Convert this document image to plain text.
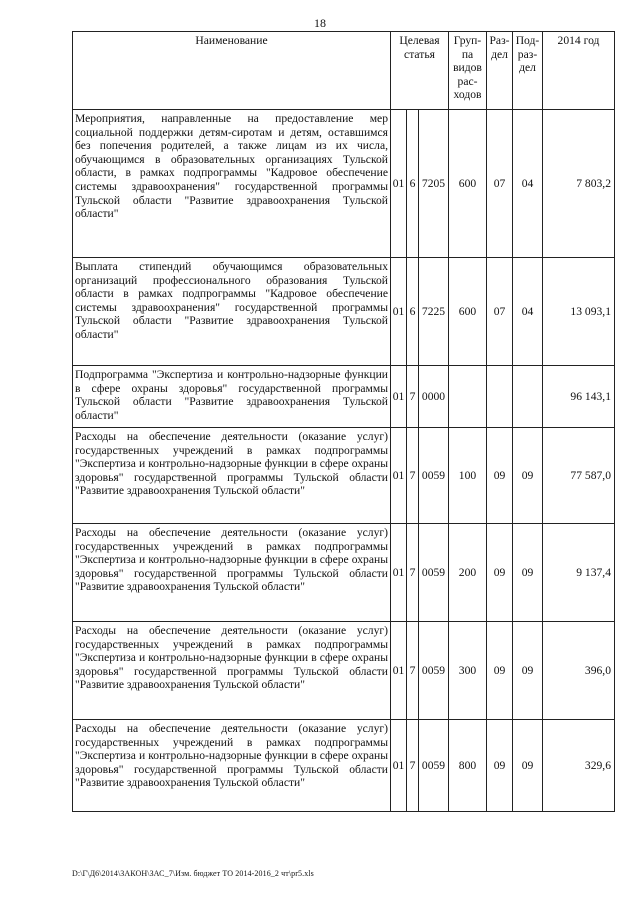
18
Наименование	Целевая статья			Груп-па видов рас-ходов	Раз-дел	Под-раз-дел	2014 год

Мероприятия, направленные на предоставление мер социальной поддержки детям-сиротам и детям, оставшимся без попечения родителей, а также лицам из их числа, обучающимся в образовательных организациях Тульской области, в рамках подпрограммы "Кадровое обеспечение системы здравоохранения" государственной программы Тульской области "Развитие здравоохранения Тульской области"	01	6	7205	600	07	04	7 803,2
Выплата стипендий обучающимся образовательных организаций профессионального образования Тульской области в рамках подпрограммы "Кадровое обеспечение системы здравоохранения" государственной программы Тульской области "Развитие здравоохранения Тульской области"	01	6	7225	600	07	04	13 093,1
Подпрограмма "Экспертиза и контрольно-надзорные функции в сфере охраны здоровья" государственной программы Тульской области "Развитие здравоохранения Тульской области"	01	7	0000				96 143,1
Расходы на обеспечение деятельности (оказание услуг) государственных учреждений в рамках подпрограммы "Экспертиза и контрольно-надзорные функции в сфере охраны здоровья" государственной программы Тульской области "Развитие здравоохранения Тульской области"	01	7	0059	100	09	09	77 587,0
Расходы на обеспечение деятельности (оказание услуг) государственных учреждений в рамках подпрограммы "Экспертиза и контрольно-надзорные функции в сфере охраны здоровья" государственной программы Тульской области "Развитие здравоохранения Тульской области"	01	7	0059	200	09	09	9 137,4
Расходы на обеспечение деятельности (оказание услуг) государственных учреждений в рамках подпрограммы "Экспертиза и контрольно-надзорные функции в сфере охраны здоровья" государственной программы Тульской области "Развитие здравоохранения Тульской области"	01	7	0059	300	09	09	396,0
Расходы на обеспечение деятельности (оказание услуг) государственных учреждений в рамках подпрограммы "Экспертиза и контрольно-надзорные функции в сфере охраны здоровья" государственной программы Тульской области "Развитие здравоохранения Тульской области"	01	7	0059	800	09	09	329,6
D:\Г\Д6\2014\ЗАКОН\ЗАС_7\Изм. бюджет ТО 2014-2016_2 чт\pr5.xls
